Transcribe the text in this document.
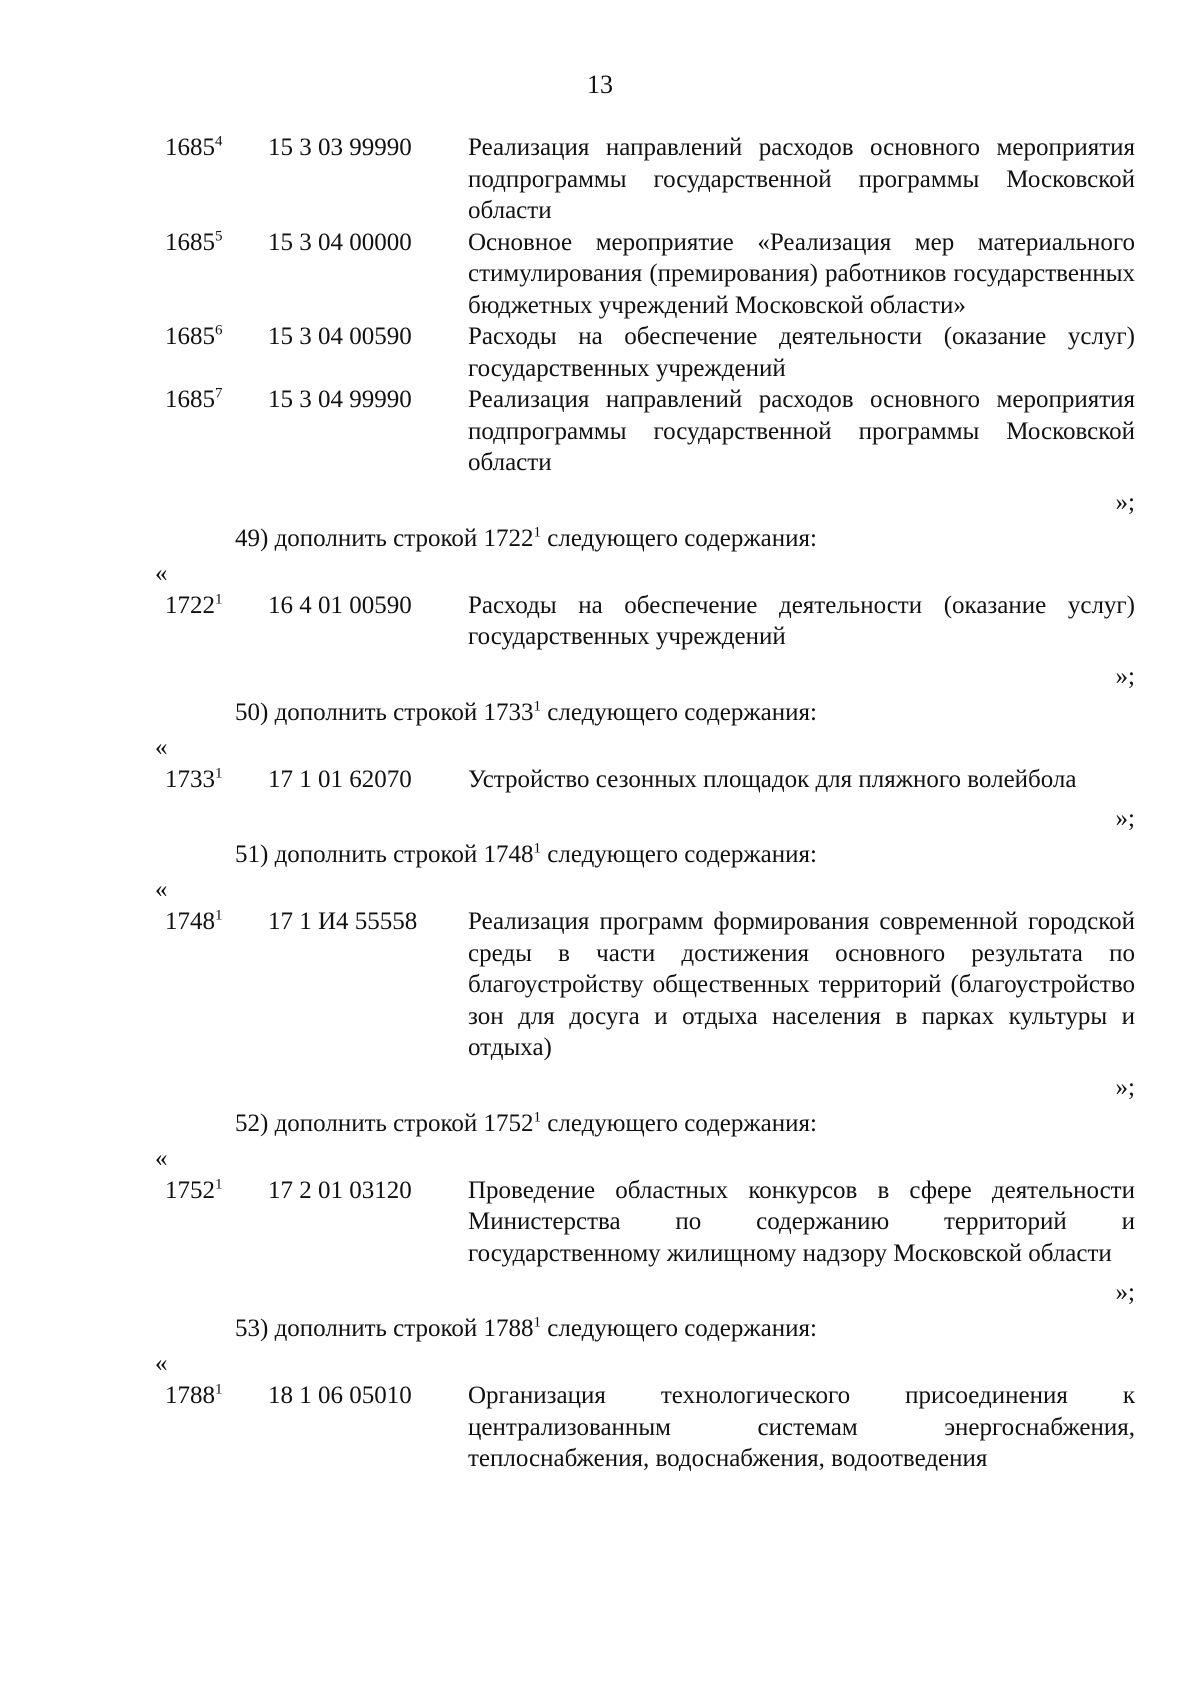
13
1685$^4$	15 3 03 99990	Реализация направлений расходов основного мероприятия подпрограммы государственной программы Московской области
1685$^5$	15 3 04 00000	Основное мероприятие «Реализация мер материального стимулирования (премирования) работников государственных бюджетных учреждений Московской области»
1685$^6$	15 3 04 00590	Расходы на обеспечение деятельности (оказание услуг) государственных учреждений
1685$^7$	15 3 04 99990	Реализация направлений расходов основного мероприятия подпрограммы государственной программы Московской области
»;
49) дополнить строкой 1722$^1$ следующего содержания:
«
1722$^1$	16 4 01 00590	Расходы на обеспечение деятельности (оказание услуг) государственных учреждений
»;
50) дополнить строкой 1733$^1$ следующего содержания:
«
1733$^1$	17 1 01 62070	Устройство сезонных площадок для пляжного волейбола
»;
51) дополнить строкой 1748$^1$ следующего содержания:
«
1748$^1$	17 1 И4 55558	Реализация программ формирования современной городской среды в части достижения основного результата по благоустройству общественных территорий (благоустройство зон для досуга и отдыха населения в парках культуры и отдыха)
»;
52) дополнить строкой 1752$^1$ следующего содержания:
«
1752$^1$	17 2 01 03120	Проведение областных конкурсов в сфере деятельности Министерства по содержанию территорий и государственному жилищному надзору Московской области
»;
53) дополнить строкой 1788$^1$ следующего содержания:
«
1788$^1$	18 1 06 05010	Организация технологического присоединения к централизованным системам энергоснабжения, теплоснабжения, водоснабжения, водоотведения
